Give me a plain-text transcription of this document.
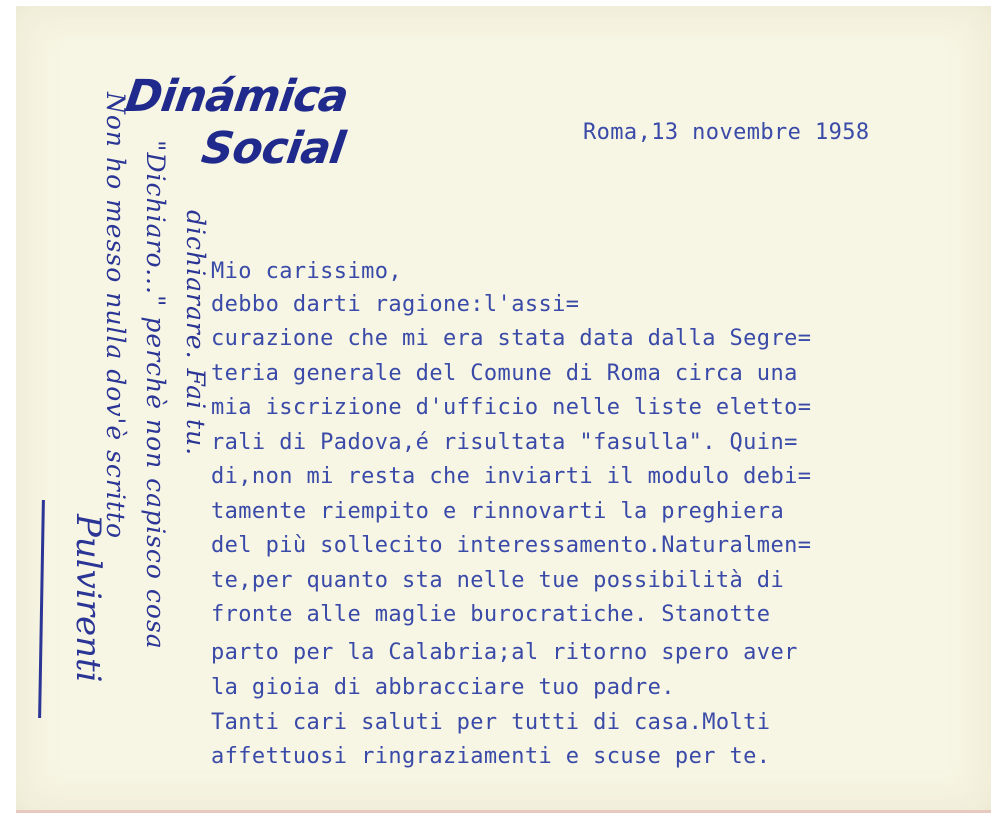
Dinámica
Social	Roma,13 novembre 1958
Mio carissimo,
debbo darti ragione:l'assi=
curazione che mi era stata data dalla Segre=
teria generale del Comune di Roma circa una
mia iscrizione d'ufficio nelle liste eletto=
rali di Padova,é risultata "fasulla". Quin=
di,non mi resta che inviarti il modulo debi=
tamente riempito e rinnovarti la preghiera
del più sollecito interessamento.Naturalmen=
te,per quanto sta nelle tue possibilità di
fronte alle maglie burocratiche. Stanotte
parto per la Calabria;al ritorno spero aver
la gioia di abbracciare tuo padre.
Tanti cari saluti per tutti di casa.Molti
affettuosi ringraziamenti e scuse per te.
Non ho messo nulla dov'è scritto "Dichiaro..." perchè non capisco cosa dichiarare. Fai tu.
Pulvirenti
